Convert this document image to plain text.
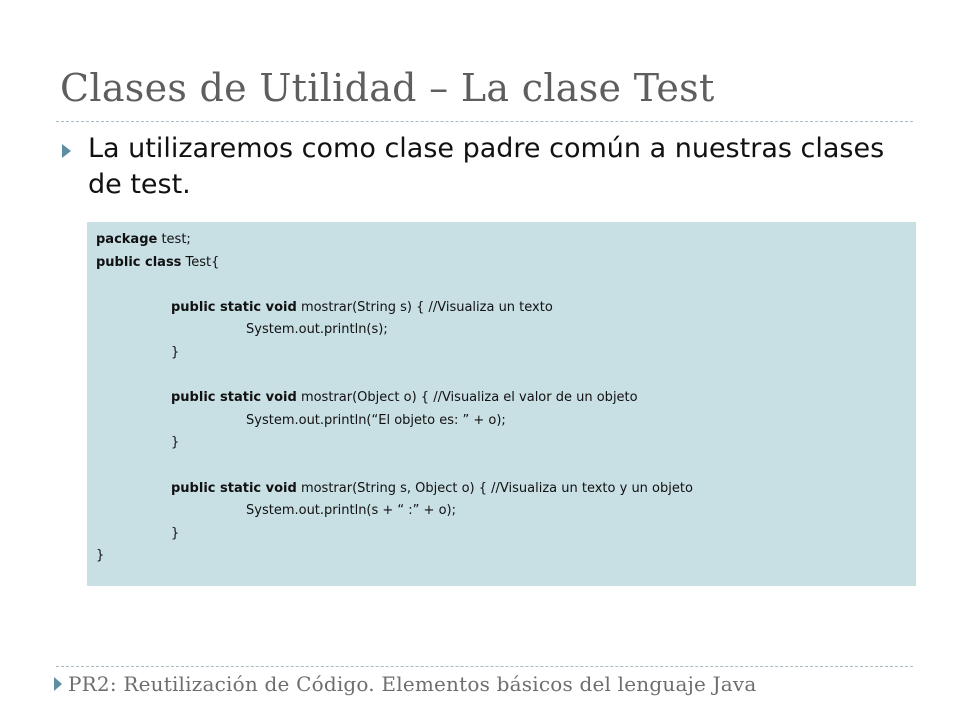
Clases de Utilidad – La clase Test

La utilizaremos como clase padre común a nuestras clases de test.

package test;
public class Test{
public static void mostrar(String s) { //Visualiza un texto
System.out.println(s);
}
public static void mostrar(Object o) { //Visualiza el valor de un objeto
System.out.println(“El objeto es: ” + o);
}
public static void mostrar(String s, Object o) { //Visualiza un texto y un objeto
System.out.println(s + “ :” + o);
}
}

PR2: Reutilización de Código. Elementos básicos del lenguaje Java
